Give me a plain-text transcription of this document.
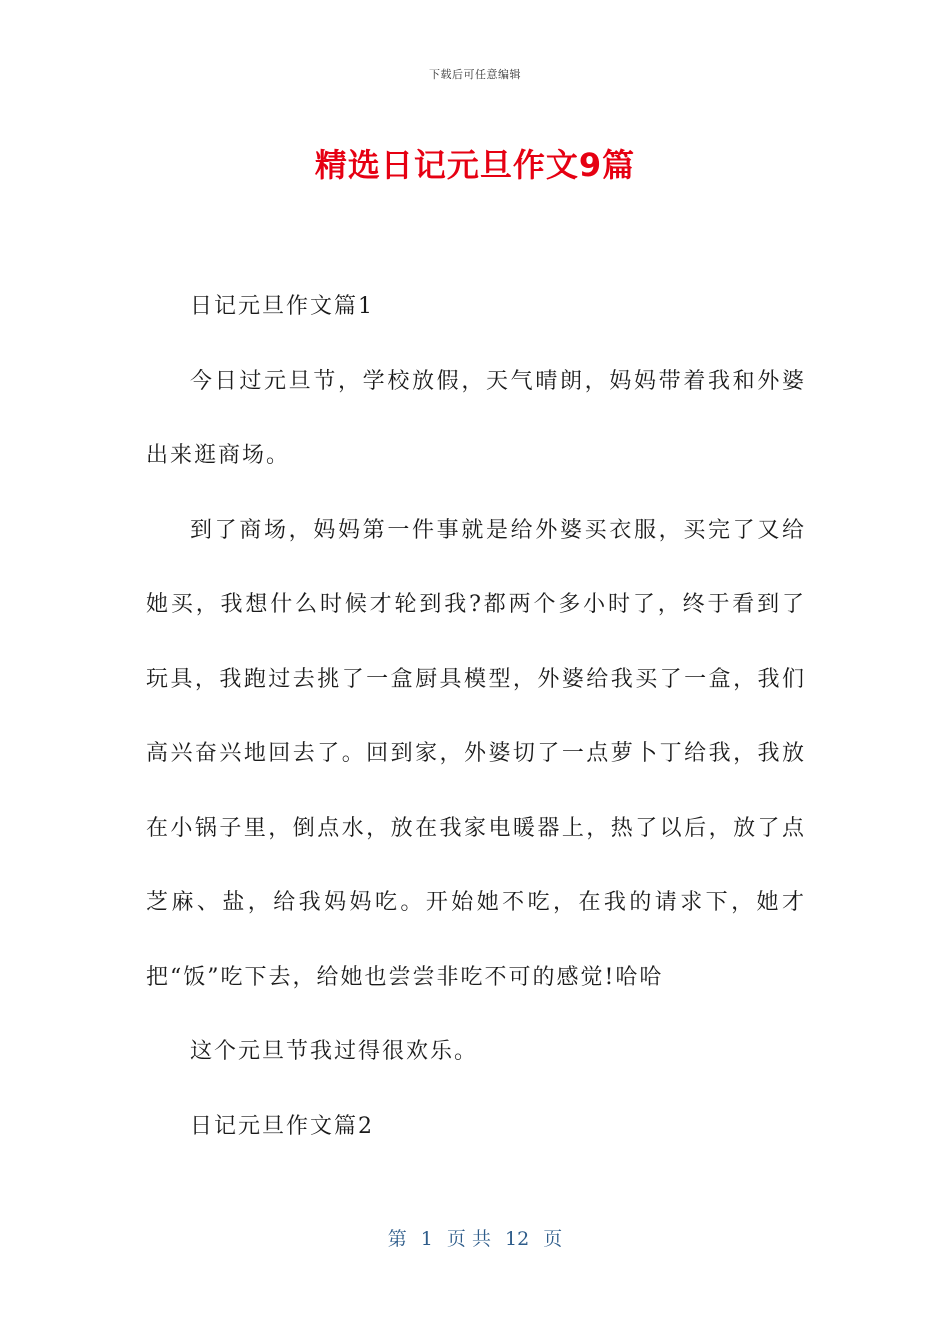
下载后可任意编辑
精选日记元旦作文9篇

日记元旦作文篇1

今日过元旦节，学校放假，天气晴朗，妈妈带着我和外婆出来逛商场。

到了商场，妈妈第一件事就是给外婆买衣服，买完了又给她买，我想什么时候才轮到我?都两个多小时了，终于看到了玩具，我跑过去挑了一盒厨具模型，外婆给我买了一盒，我们高兴奋兴地回去了。回到家，外婆切了一点萝卜丁给我，我放在小锅子里，倒点水，放在我家电暖器上，热了以后，放了点芝麻、盐，给我妈妈吃。开始她不吃，在我的请求下，她才把“饭”吃下去，给她也尝尝非吃不可的感觉!哈哈

这个元旦节我过得很欢乐。

日记元旦作文篇2

第 1 页 共 12 页
